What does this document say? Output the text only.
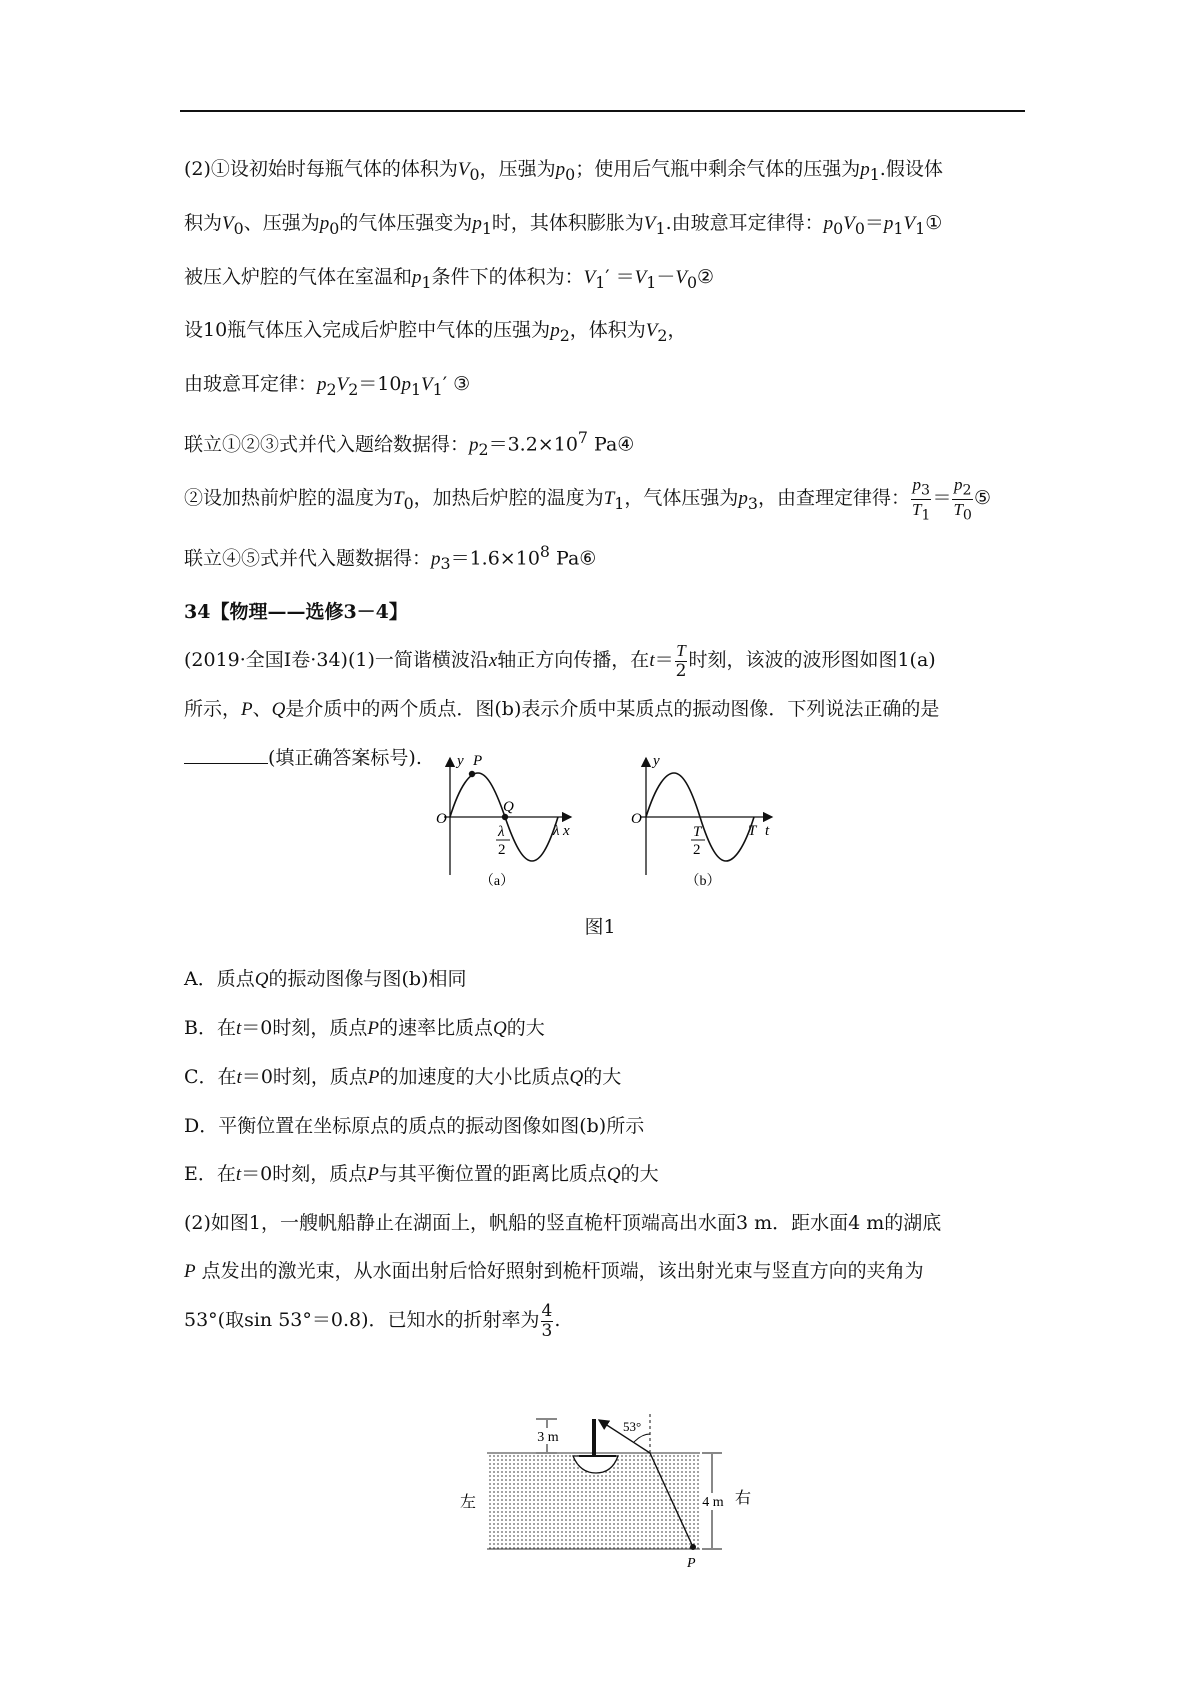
(2)①设初始时每瓶气体的体积为$V_0$，压强为$p_0$；使用后气瓶中剩余气体的压强为$p_1$.假设体

积为$V_0$、压强为$p_0$的气体压强变为$p_1$时，其体积膨胀为$V_1$.由玻意耳定律得：$p_0V_0=p_1V_1①$

被压入炉腔的气体在室温和$p_1$条件下的体积为：$V_1'$ $=V_1-V_0②$

设10瓶气体压入完成后炉腔中气体的压强为$p_2$，体积为$V_2$，

由玻意耳定律：$p_2V_2=10p_1V_1'$ ③

联立①②③式并代入题给数据得：$p_2=3.2\times 10^7$ Pa④

②设加热前炉腔的温度为$T_0$，加热后炉腔的温度为$T_1$，气体压强为$p_3$，由查理定律得： $\frac{p_3}{T_1} = \frac{p_2}{T_0}$ ⑤

联立④⑤式并代入题数据得：$p_3=1.6\times 10^8$ Pa⑥

34【物理——选修3－4】

(2019·全国Ⅰ卷·34)(1)一简谐横波沿x轴正方向传播，在$t= \frac{T}{2}$ 时刻，该波的波形图如图1(a)

所示，P、Q是介质中的两个质点．图(b)表示介质中某质点的振动图像．下列说法正确的是

(填正确答案标号).	y P
Q
O
λ
2
λ x
（a）
y
O
T
2
T t
（b）
图1

A．质点Q的振动图像与图(b)相同

B．在t＝0时刻，质点P的速率比质点Q的大

C．在t＝0时刻，质点P的加速度的大小比质点Q的大

D．平衡位置在坐标原点的质点的振动图像如图(b)所示

E．在t＝0时刻，质点P与其平衡位置的距离比质点Q的大

(2)如图1，一艘帆船静止在湖面上，帆船的竖直桅杆顶端高出水面3 m．距水面4 m的湖底

P 点发出的激光束，从水面出射后恰好照射到桅杆顶端，该出射光束与竖直方向的夹角为

53°(取sin 53°＝0.8)．已知水的折射率为 $\frac{4}{3}$ .

3 m
53°
P
4 m
左	右
